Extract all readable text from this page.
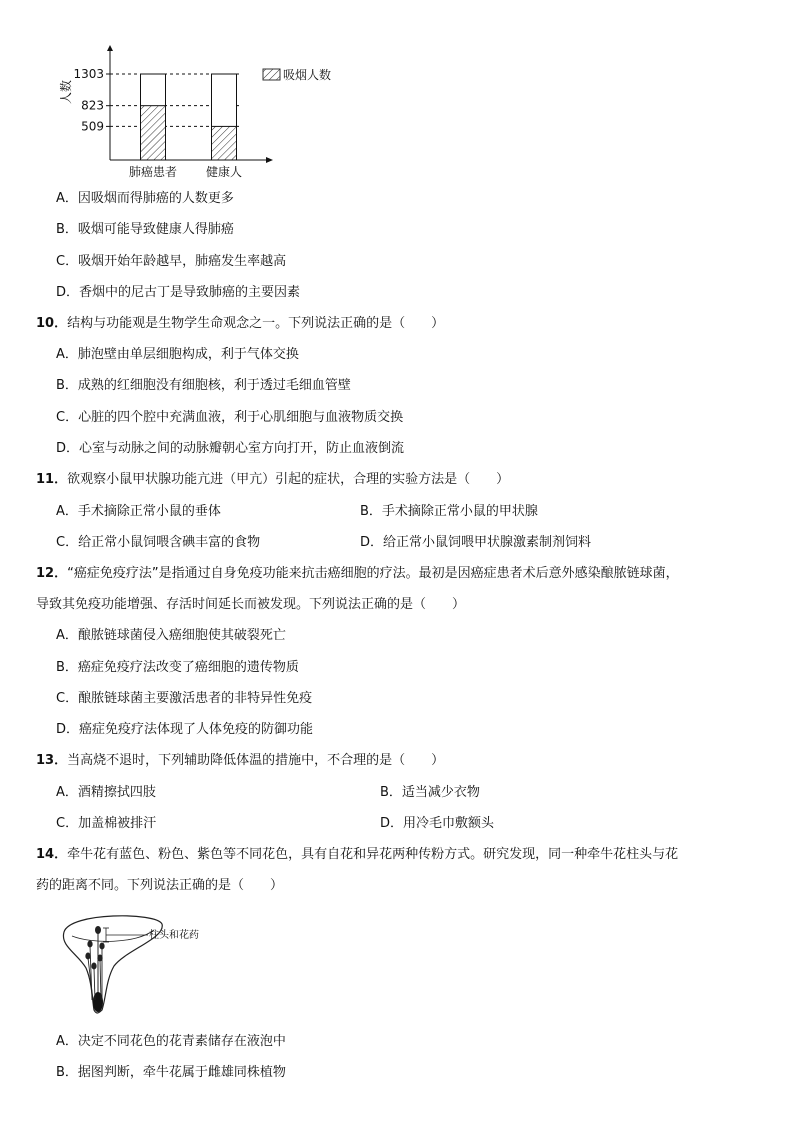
509
823
1303
肺癌患者 健康人
人数
吸烟人数
A．因吸烟而得肺癌的人数更多
B．吸烟可能导致健康人得肺癌
C．吸烟开始年龄越早，肺癌发生率越高
D．香烟中的尼古丁是导致肺癌的主要因素
10．结构与功能观是生物学生命观念之一。下列说法正确的是（　　）
A．肺泡壁由单层细胞构成，利于气体交换
B．成熟的红细胞没有细胞核，利于透过毛细血管壁
C．心脏的四个腔中充满血液，利于心肌细胞与血液物质交换
D．心室与动脉之间的动脉瓣朝心室方向打开，防止血液倒流
11．欲观察小鼠甲状腺功能亢进（甲亢）引起的症状，合理的实验方法是（　　）
A．手术摘除正常小鼠的垂体	B．手术摘除正常小鼠的甲状腺
C．给正常小鼠饲喂含碘丰富的食物	D．给正常小鼠饲喂甲状腺激素制剂饲料
12．“癌症免疫疗法”是指通过自身免疫功能来抗击癌细胞的疗法。最初是因癌症患者术后意外感染酿脓链球菌，
导致其免疫功能增强、存活时间延长而被发现。下列说法正确的是（　　）
A．酿脓链球菌侵入癌细胞使其破裂死亡
B．癌症免疫疗法改变了癌细胞的遗传物质
C．酿脓链球菌主要激活患者的非特异性免疫
D．癌症免疫疗法体现了人体免疫的防御功能
13．当高烧不退时，下列辅助降低体温的措施中，不合理的是（　　）
A．酒精擦拭四肢	B．适当减少衣物
C．加盖棉被排汗	D．用冷毛巾敷额头
14．牵牛花有蓝色、粉色、紫色等不同花色，具有自花和异花两种传粉方式。研究发现，同一种牵牛花柱头与花
药的距离不同。下列说法正确的是（　　）
柱头和花药
A．决定不同花色的花青素储存在液泡中
B．据图判断，牵牛花属于雌雄同株植物
